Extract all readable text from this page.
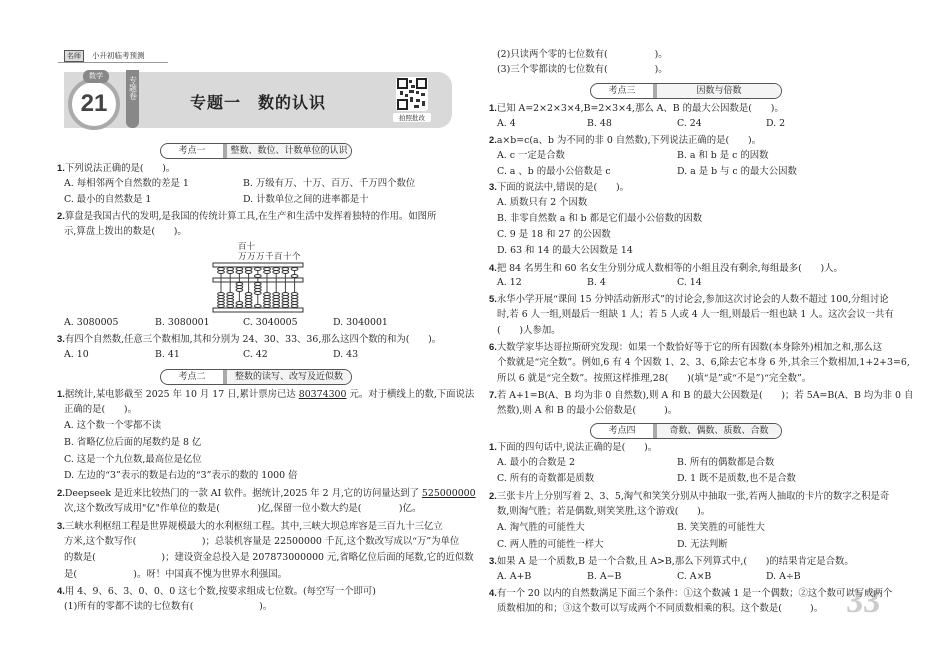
名师	小升初临考预测
21
数学	专题卷
专题一　数的认识
拍照批改
考点一	整数、数位、计数单位的认识
1.下列说法正确的是(　　)。
A. 每相邻两个自然数的差是 1	B. 万级有万、十万、百万、千万四个数位
C. 最小的自然数是 1	D. 计数单位之间的进率都是十
2.算盘是我国古代的发明,是我国的传统计算工具,在生产和生活中发挥着独特的作用。如图所
示,算盘上拨出的数是(　　)。
百十
万万万千百十个
A. 3080005	B. 3080001	C. 3040005	D. 3040001
3.有四个自然数,任意三个数相加,其和分别为 24、30、33、36,那么这四个数的和为(　　)。
A. 10	B. 41	C. 42	D. 43
考点二	整数的读写、改写及近似数
1.据统计,某电影截至 2025 年 10 月 17 日,累计票房已达 80374300 元。对于横线上的数,下面说法
正确的是(　　)。
A. 这个数一个零都不读
B. 省略亿位后面的尾数约是 8 亿
C. 这是一个九位数,最高位是亿位
D. 左边的“3”表示的数是右边的“3”表示的数的 1000 倍
2.Deepseek 是近来比较热门的一款 AI 软件。据统计,2025 年 2 月,它的访问量达到了 525000000
次,这个数改写成用"亿"作单位的数是(　　　　)亿,保留一位小数大约是(　　　　)亿。
3.三峡水利枢纽工程是世界规模最大的水利枢纽工程。其中,三峡大坝总库容是三百九十三亿立
方米,这个数写作(　　　　　　　)；总装机容量是 22500000 千瓦,这个数改写成以“万”为单位
的数是(　　　　　　　)；建设资金总投入是 207873000000 元,省略亿位后面的尾数,它的近似数
是(　　　　　　)。呀！中国真不愧为世界水利强国。
4.用 4、9、6、3、0、0、0 这七个数,按要求组成七位数。(每空写一个即可)
(1)所有的零都不读的七位数有(　　　　　　　)。
(2)只读两个零的七位数有(　　　　　)。
(3)三个零都读的七位数有(　　　　　)。
考点三	因数与倍数
1.已知 A=2×2×3×4,B=2×3×4,那么 A、B 的最大公因数是(　　)。
A. 4	B. 48	C. 24	D. 2
2.a×b=c(a、b 为不同的非 0 自然数),下列说法正确的是(　　)。
A. c 一定是合数	B. a 和 b 是 c 的因数
C. a 、b 的最小公倍数是 c	D. a 是 b 与 c 的最大公因数
3.下面的说法中,错误的是(　　)。
A. 质数只有 2 个因数
B. 非零自然数 a 和 b 都是它们最小公倍数的因数
C. 9 是 18 和 27 的公因数
D. 63 和 14 的最大公因数是 14
4.把 84 名男生和 60 名女生分别分成人数相等的小组且没有剩余,每组最多(　　)人。
A. 12	B. 4	C. 14
5.永华小学开展“课间 15 分钟活动新形式”的讨论会,参加这次讨论会的人数不超过 100,分组讨论
时,若 6 人一组,则最后一组缺 1 人；若 5 人或 4 人一组,则最后一组也缺 1 人。这次会议一共有
(　　)人参加。
6.大数学家毕达哥拉斯研究发现：如果一个数恰好等于它的所有因数(本身除外)相加之和,那么这
个数就是“完全数”。例如,6 有 4 个因数 1、2、3、6,除去它本身 6 外,其余三个数相加,1+2+3=6,
所以 6 就是“完全数”。按照这样推理,28(　　)(填“是”或“不是”)“完全数”。
7.若 A+1=B(A、B 均为非 0 自然数),则 A 和 B 的最大公因数是(　　)；若 5A=B(A、B 均为非 0 自
然数),则 A 和 B 的最小公倍数是(　　　)。
考点四	奇数、偶数、质数、合数
1.下面的四句话中,说法正确的是(　　)。
A. 最小的合数是 2	B. 所有的偶数都是合数
C. 所有的奇数都是质数	D. 1 既不是质数,也不是合数
2.三张卡片上分别写着 2、3、5,淘气和笑笑分别从中抽取一张,若两人抽取的卡片的数字之积是奇
数,则淘气胜；若是偶数,则笑笑胜,这个游戏(　　)。
A. 淘气胜的可能性大	B. 笑笑胜的可能性大
C. 两人胜的可能性一样大	D. 无法判断
3.如果 A 是一个质数,B 是一个合数,且 A>B,那么下列算式中,(　　)的结果肯定是合数。
A. A+B	B. A−B	C. A×B	D. A÷B
33
4.有一个 20 以内的自然数满足下面三个条件：①这个数减 1 是一个偶数；②这个数可以写成两个
质数相加的和；③这个数可以写成两个不同质数相乘的积。这个数是(　　　)。
